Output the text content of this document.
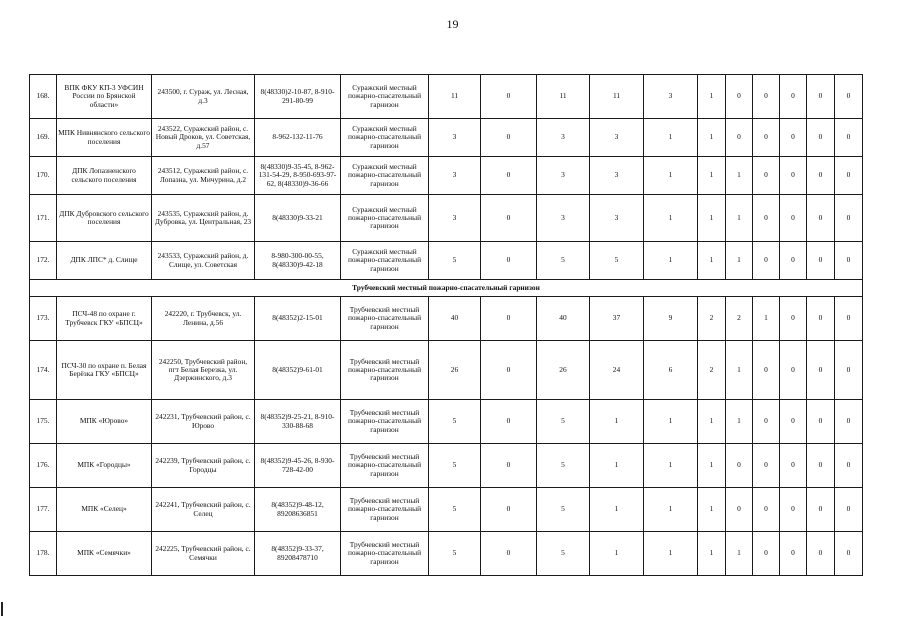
19
168.	ВПК ФКУ КП-3 УФСИН России по Брянской области»	243500, г. Сураж, ул. Лесная, д.3	8(48330)2-10-87, 8-910-291-80-99	Суражский местный пожарно-спасательный гарнизон	11	0	11	11	3	1	0	0	0	0	0
169.	МПК Нивнянского сельского поселения	243522, Суражский район, с. Новый Дроков, ул. Советская, д.57	8-962-132-11-76	Суражский местный пожарно-спасательный гарнизон	3	0	3	3	1	1	0	0	0	0	0
170.	ДПК Лопазненского сельского поселения	243512, Суражский район, с. Лопазна, ул. Мичурина, д.2	8(48330)9-35-45, 8-962-131-54-29, 8-950-693-97-62, 8(48330)9-36-66	Суражский местный пожарно-спасательный гарнизон	3	0	3	3	1	1	1	0	0	0	0
171.	ДПК Дубровского сельского поселения	243535, Суражский район, д. Дубровка, ул. Центральная, 23	8(48330)9-33-21	Суражский местный пожарно-спасательный гарнизон	3	0	3	3	1	1	1	0	0	0	0
172.	ДПК ЛПС* д. Слище	243533, Суражский район, д. Слище, ул. Советская	8-980-300-00-55, 8(48330)9-42-18	Суражский местный пожарно-спасательный гарнизон	5	0	5	5	1	1	1	0	0	0	0
Трубчевский местный пожарно-спасательный гарнизон															
173.	ПСЧ-48 по охране г. Трубчевск ГКУ «БПСЦ»	242220, г. Трубчевск, ул. Ленина, д.56	8(48352)2-15-01	Трубчевский местный пожарно-спасательный гарнизон	40	0	40	37	9	2	2	1	0	0	0
174.	ПСЧ-30 по охране п. Белая Берёзка ГКУ «БПСЦ»	242250, Трубчевский район, пгт Белая Березка, ул. Дзержинского, д.3	8(48352)9-61-01	Трубчевский местный пожарно-спасательный гарнизон	26	0	26	24	6	2	1	0	0	0	0
175.	МПК «Юрово»	242231, Трубчевский район, с. Юрово	8(48352)9-25-21, 8-910-330-88-68	Трубчевский местный пожарно-спасательный гарнизон	5	0	5	1	1	1	1	0	0	0	0
176.	МПК «Городцы»	242239, Трубчевский район, с. Городцы	8(48352)9-45-26, 8-930-728-42-00	Трубчевский местный пожарно-спасательный гарнизон	5	0	5	1	1	1	0	0	0	0	0
177.	МПК «Селец»	242241, Трубчевский район, с. Селец	8(48352)9-48-12, 89208636851	Трубчевский местный пожарно-спасательный гарнизон	5	0	5	1	1	1	0	0	0	0	0
178.	МПК «Семячки»	242225, Трубчевский район, с. Семячки	8(48352)9-33-37, 89208478710	Трубчевский местный пожарно-спасательный гарнизон	5	0	5	1	1	1	1	0	0	0	0
